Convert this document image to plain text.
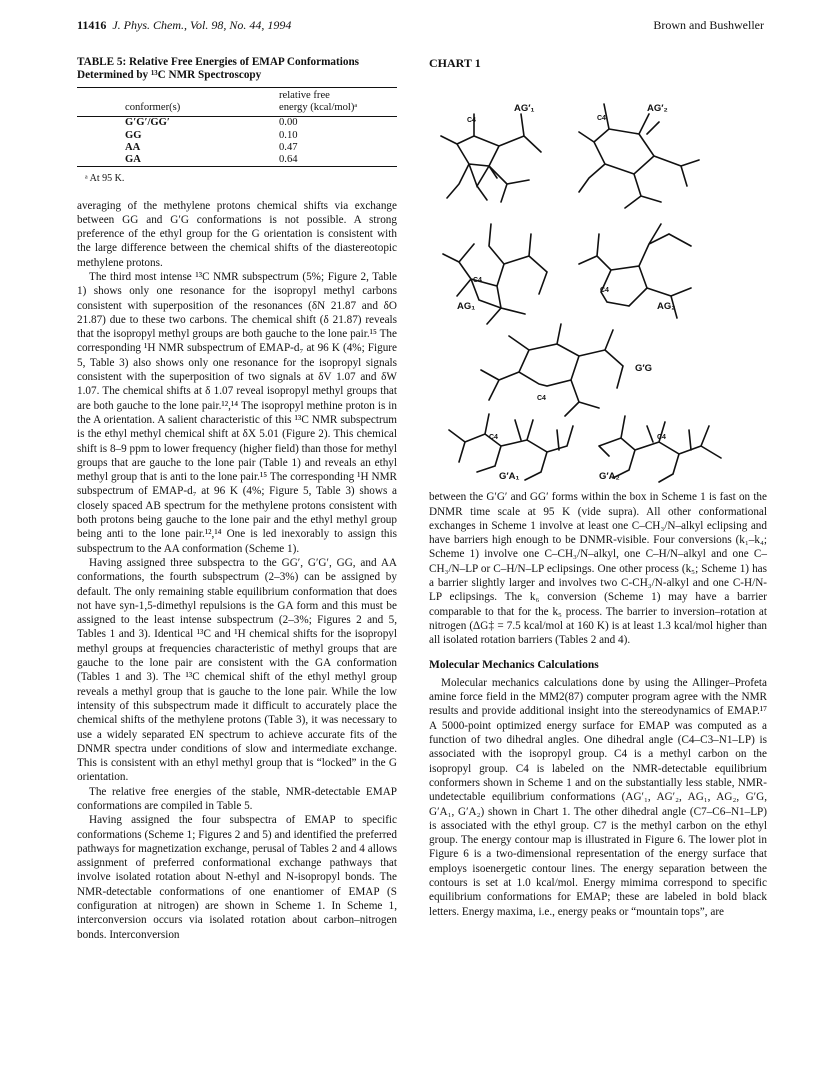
11416 J. Phys. Chem., Vol. 98, No. 44, 1994	Brown and Bushweller
TABLE 5: Relative Free Energies of EMAP Conformations Determined by ¹³C NMR Spectroscopy
conformer(s)	relative free
energy (kcal/mol)ᵃ

G′G′/GG′	0.00
GG	0.10
AA	0.47
GA	0.64
ᵃ At 95 K.

averaging of the methylene protons chemical shifts via exchange between GG and G′G conformations is not possible. A strong preference of the ethyl group for the G orientation is consistent with the large difference between the chemical shifts of the diastereotopic methylene protons.

The third most intense ¹³C NMR subspectrum (5%; Figure 2, Table 1) shows only one resonance for the isopropyl methyl carbons consistent with superposition of the resonances (δN 21.87 and δO 21.87) due to these two carbons. The chemical shift (δ 21.87) reveals that the isopropyl methyl groups are both gauche to the lone pair.¹⁵ The corresponding ¹H NMR subspectrum of EMAP-d₇ at 96 K (4%; Figure 5, Table 3) also shows only one resonance for the isopropyl signals consistent with the superposition of two signals at δV 1.07 and δW 1.07. The chemical shifts at δ 1.07 reveal isopropyl methyl groups that are both gauche to the lone pair.¹²,¹⁴ The isopropyl methine proton is in the A orientation. A salient characteristic of this ¹³C NMR subspectrum is the ethyl methyl chemical shift at δX 5.01 (Figure 2). This chemical shift is 8–9 ppm to lower frequency (higher field) than those for methyl groups that are gauche to the lone pair (Table 1) and reveals an ethyl methyl group that is anti to the lone pair.¹⁵ The corresponding ¹H NMR subspectrum of EMAP-d₇ at 96 K (4%; Figure 5, Table 3) shows a closely spaced AB spectrum for the methylene protons consistent with both protons being gauche to the lone pair and the ethyl methyl group being anti to the lone pair.¹²,¹⁴ One is led inexorably to assign this subspectrum to the AA conformation (Scheme 1).

Having assigned three subspectra to the GG′, G′G′, GG, and AA conformations, the fourth subspectrum (2–3%) can be assigned by default. The only remaining stable equilibrium conformation that does not have syn-1,5-dimethyl repulsions is the GA form and this must be assigned to the least intense subspectrum (2–3%; Figures 2 and 5, Tables 1 and 3). Identical ¹³C and ¹H chemical shifts for the isopropyl methyl groups at frequencies characteristic of methyl groups that are gauche to the lone pair are consistent with the GA conformation (Tables 1 and 3). The ¹³C chemical shift of the ethyl methyl group reveals a methyl group that is gauche to the lone pair. While the low intensity of this subspectrum made it difficult to accurately place the chemical shifts of the methylene protons (Table 3), it was necessary to use a widely separated EN spectrum to achieve accurate fits of the DNMR spectra under conditions of slow and intermediate exchange. This is consistent with an ethyl methyl group that is “locked” in the G orientation.

The relative free energies of the stable, NMR-detectable EMAP conformations are compiled in Table 5.

Having assigned the four subspectra of EMAP to specific conformations (Scheme 1; Figures 2 and 5) and identified the preferred pathways for magnetization exchange, perusal of Tables 2 and 4 allows assignment of preferred conformational exchange pathways that involve isolated rotation about N-ethyl and N-isopropyl bonds. The NMR-detectable conformations of one enantiomer of EMAP (S configuration at nitrogen) are shown in Scheme 1. In Scheme 1, interconversion occurs via isolated rotation about carbon–nitrogen bonds. Interconversion

CHART 1
AG′₁	AG′₂
AG₁	AG₂
G′G
G′A₁	G′A₂
C4	C4
C4
C4
C4
C4	C4

between the G′G′ and GG′ forms within the box in Scheme 1 is fast on the DNMR time scale at 95 K (vide supra). All other conformational exchanges in Scheme 1 involve at least one C–CH₃/N–alkyl eclipsing and have barriers high enough to be DNMR-visible. Four conversions (k₁–k₄; Scheme 1) involve one C–CH₃/N–alkyl, one C–H/N–alkyl and one C–CH₃/N–LP or C–H/N–LP eclipsings. One other process (k₅; Scheme 1) has a barrier slightly larger and involves two C-CH₃/N-alkyl and one C-H/N-LP eclipsings. The k₆ conversion (Scheme 1) may have a barrier comparable to that for the k₅ process. The barrier to inversion–rotation at nitrogen (ΔG‡ = 7.5 kcal/mol at 160 K) is at least 1.3 kcal/mol higher than all isolated rotation barriers (Tables 2 and 4).

Molecular Mechanics Calculations

Molecular mechanics calculations done by using the Allinger–Profeta amine force field in the MM2(87) computer program agree with the NMR results and provide additional insight into the stereodynamics of EMAP.¹⁷ A 5000-point optimized energy surface for EMAP was computed as a function of two dihedral angles. One dihedral angle (C4–C3–N1–LP) is associated with the isopropyl group. C4 is a methyl carbon on the isopropyl group. C4 is labeled on the NMR-detectable equilibrium conformers shown in Scheme 1 and on the substantially less stable, NMR-undetectable equilibrium conformations (AG′₁, AG′₂, AG₁, AG₂, G′G, G′A₁, G′A₂) shown in Chart 1. The other dihedral angle (C7–C6–N1–LP) is associated with the ethyl group. C7 is the methyl carbon on the ethyl group. The energy contour map is illustrated in Figure 6. The lower plot in Figure 6 is a two-dimensional representation of the energy surface that employs isoenergetic contour lines. The energy separation between the contours is set at 1.0 kcal/mol. Energy mimima correspond to specific equilibrium conformations for EMAP; these are labeled in bold black letters. Energy maxima, i.e., energy peaks or “mountain tops”, are
